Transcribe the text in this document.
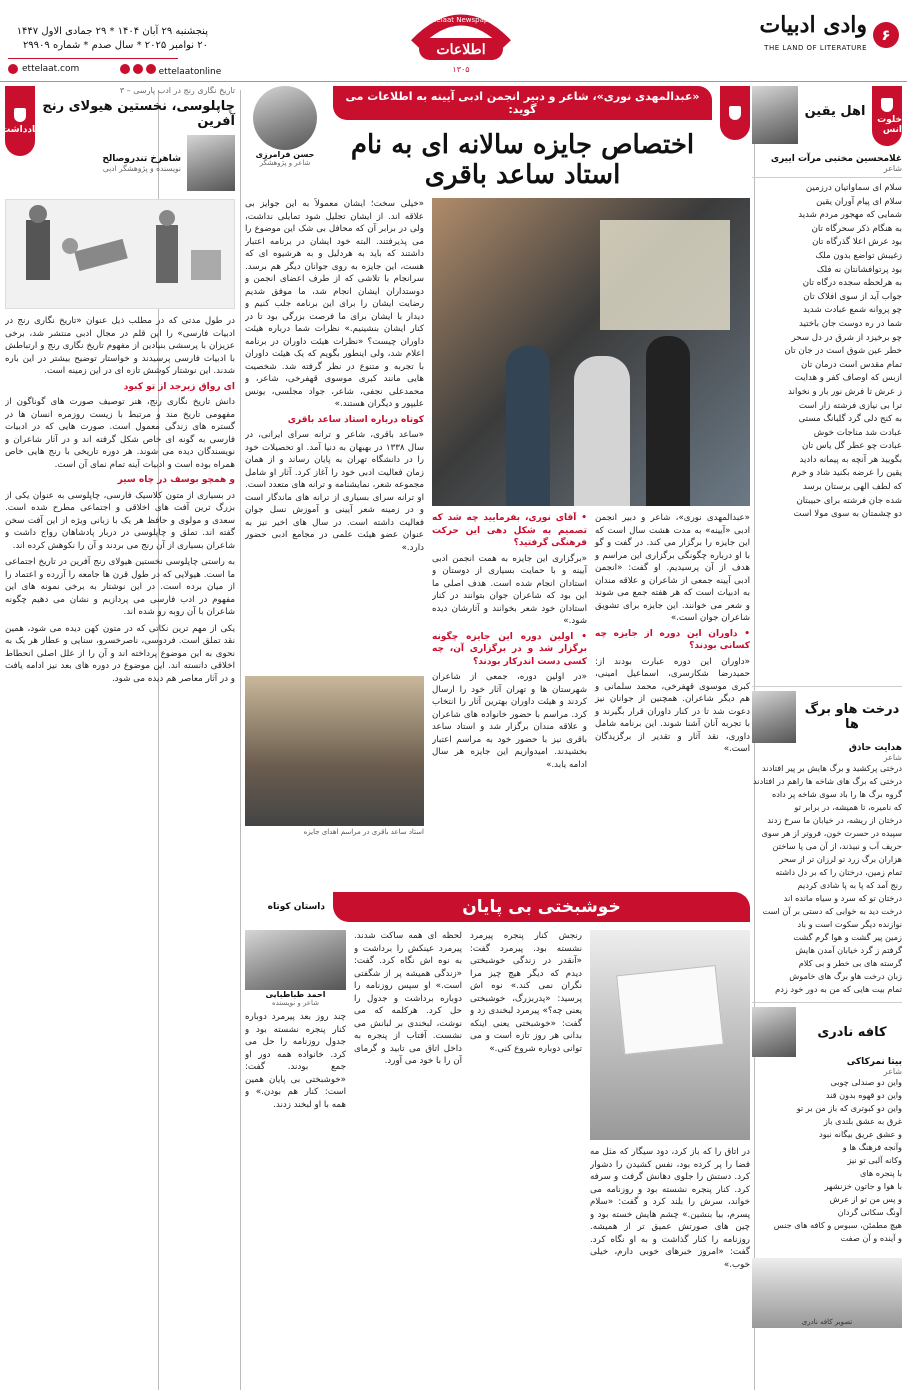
۶
وادی ادبیات
THE LAND OF LITERATURE
Ettelaat Newspaper
اطلاعات
۱۳۰۵
پنجشنبه ۲۹ آبان ۱۴۰۴ * ۲۹ جمادی الاول ۱۴۴۷
۲۰ نوامبر ۲۰۲۵ * سال صدم * شماره ۲۹۹۰۹
ettelaat.com	ettelaatonline
خلوت انس
اهل یقین
غلامحسین مختبی مرآت اییری
شاعر
سلام ای سماواتیان درزمین
سلام ای پیام آوران یقین
شمایی که مهجور مردم شدید
به هنگام ذکر سحرگاه تان
بود عرش اعلا گذرگاه تان
زغیبش تواضع بدون ملک
بود پرتوافشانتان نه فلک
به هرلحظه سجده درگاه تان
جواب آید از سوی افلاک تان
چو پروانه شمع عبادت شدید
شما در ره دوست جان باختید
چو برخیزد از شرق در دل سحر
خطر عین شوق است در جان تان
تمام مقدس است درمان تان
ازبس که اوصاف کفر و هدایت
ز عرش تا فرش نور بار و نخواند
ترا بی نیازی فرشته زار است
به کنج دلی گرد گلبانگ مستی
عبادت شد مناجات خوش
عبادت چو عطر گل یاس تان
بگویید هر آنچه به پیمانه دادید
یقین را عرضه بکنید شاد و خرم
که لطف الهی برستان برسد
شده جان فرشته برای حبیبتان
دو چشمتان به سوی مولا است
درخت هاو برگ ها
هدایت حاذق
شاعر
درختی پرکشید و برگ هایش بر پیر افتادند
درختی که برگ های شاخه ها راهم در افتادند
گروه برگ ها را باد سوی شاخه پر داده
که نامیره، تا همیشه، در برابر تو
درختان از ریشه، در خیابان ما سرخ زدند
سپیده در حسرت خون، فروتر از هر سوی
حریف آب و نبیذند، از آن می پا ساختن
هزاران برگ زرد تو لرزان تر از سحر
تمام زمین، درختان را که بر دل داشته
رنج آمد که پا به پا شادی کردیم
درختان تو که سرد و سیاه مانده اند
درخت دید به خوابی که دستی بر آن است
نوازنده دیگر سکوت است و باد
زمین پیر گشت و هوا گرم گشت
گرفتم ز گرد خیابان آمدن هایش
گرسته های بی خطر و بی کلام
زبان درخت هاو برگ های خاموش
تمام بیت هایی که من به دور خود زدم
کافه نادری
بیتا نمرکاکی
شاعر
واین دو صندلی چوبی
واین دو قهوه بدون قند
واین دو کبوتری که باز من بر تو
غرق به عشق بلندی باز
و عشق عریق بیگانه نبود
وآنجه فرهنگ ها و
وکانه آلبی تو نیز
با پنجره های
با هوا و جاتون خزنشهر
و پس من تو از عرش
آونگ سکانی گردان
هیچ مطمئن، سبوس و کافه های جنس
و آینده و آن صفت
تصویر کافه نادری
«عبدالمهدی نوری»، شاعر و دبیر انجمن ادبی آیینه به اطلاعات می گوید:
اختصاص جایزه سالانه ای به نام استاد ساعد باقری
حسن فرامرزی
شاعر و پژوهشگر
«عبدالمهدی نوری»، شاعر و دبیر انجمن ادبی «آیینه» به مدت هشت سال است که این جایزه را برگزار می کند. در گفت و گو با او درباره چگونگی برگزاری این مراسم و هدف از آن پرسیدیم. او گفت: «انجمن ادبی آیینه جمعی از شاعران و علاقه مندان به ادبیات است که هر هفته جمع می شوند و شعر می خوانند. این جایزه برای تشویق شاعران جوان است.»
• داوران این دوره از جایزه چه کسانی بودند؟
«داوران این دوره عبارت بودند از: حمیدرضا شکارسری، اسماعیل امینی، کبری موسوی قهفرخی، محمد سلمانی و هم دیگر شاعران. همچنین از جوانان نیز دعوت شد تا در کنار داوران قرار بگیرند و با تجربه آنان آشنا شوند. این برنامه شامل داوری، نقد آثار و تقدیر از برگزیدگان است.»
• آقای نوری، بفرمایید چه شد که تصمیم به شکل دهی این حرکت فرهنگی گرفتید؟
«برگزاری این جایزه به همت انجمن ادبی آیینه و با حمایت بسیاری از دوستان و استادان انجام شده است. هدف اصلی ما این بود که شاعران جوان بتوانند در کنار استادان خود شعر بخوانند و آثارشان دیده شود.»
• اولین دوره این جایزه چگونه برگزار شد و در برگزاری آن، چه کسی دست اندرکار بودند؟
«در اولین دوره، جمعی از شاعران شهرستان ها و تهران آثار خود را ارسال کردند و هیئت داوران بهترین آثار را انتخاب کرد. مراسم با حضور خانواده های شاعران و علاقه مندان برگزار شد و استاد ساعد باقری نیز با حضور خود به مراسم اعتبار بخشیدند. امیدواریم این جایزه هر سال ادامه یابد.»
«خیلی سخت؛ ایشان معمولاً به این جوایز بی علاقه اند. از ایشان تجلیل شود تمایلی نداشت، ولی در برابر آن که محافل بی شک این موضوع را می پذیرفتند. البته خود ایشان در برنامه اعتبار داشتند که باید به هردلیل و به هرشیوه ای که هست، این جایزه به روی جوانان دیگر هم برسد. سرانجام با تلاشی که از طرف اعضای انجمن و دوستداران ایشان انجام شد، ما موفق شدیم رضایت ایشان را برای این برنامه جلب کنیم و دیدار با ایشان برای ما فرصت بزرگی بود تا در کنار ایشان بنشینیم.» نظرات شما درباره هیئت داوران چیست؟ «نظرات هیئت داوران در برنامه اعلام شد، ولی اینطور بگویم که یک هیئت داوران با تجربه و متنوع در نظر گرفته شد. شخصیت هایی مانند کبری موسوی قهفرخی، شاعر، و محمدعلی نجفی، شاعر، جواد مجلسی، یونس علیپور و دیگران هستند.»
کوتاه درباره استاد ساعد باقری
«ساعد باقری، شاعر و ترانه سرای ایرانی، در سال ۱۳۳۸ در بهبهان به دنیا آمد. او تحصیلات خود را در دانشگاه تهران به پایان رساند و از همان زمان فعالیت ادبی خود را آغاز کرد. آثار او شامل مجموعه شعر، نمایشنامه و ترانه های متعدد است. او ترانه سرای بسیاری از ترانه های ماندگار است و در زمینه شعر آیینی و آموزش نسل جوان فعالیت داشته است. در سال های اخیر نیز به عنوان عضو هیئت علمی در مجامع ادبی حضور دارد.»
استاد ساعد باقری در مراسم اهدای جایزه
خوشبختی بی پایان
داستان کوتاه
در اتاق را که باز کرد، دود سیگار که مثل مه فضا را پر کرده بود، نفس کشیدن را دشوار کرد. دستش را جلوی دهانش گرفت و سرفه کرد. کنار پنجره نشسته بود و روزنامه می خواند، سرش را بلند کرد و گفت: «سلام پسرم، بیا بنشین.» چشم هایش خسته بود و چین های صورتش عمیق تر از همیشه. روزنامه را کنار گذاشت و به او نگاه کرد. گفت: «امروز خبرهای خوبی دارم، خیلی خوب.»
رنجش کنار پنجره پیرمرد نشسته بود. پیرمرد گفت: «آنقدر در زندگی خوشبختی دیدم که دیگر هیچ چیز مرا نگران نمی کند.» نوه اش پرسید: «پدربزرگ، خوشبختی یعنی چه؟» پیرمرد لبخندی زد و گفت: «خوشبختی یعنی اینکه بدانی هر روز تازه است و می توانی دوباره شروع کنی.»
لحظه ای همه ساکت شدند. پیرمرد عینکش را برداشت و به نوه اش نگاه کرد. گفت: «زندگی همیشه پر از شگفتی است.» او سپس روزنامه را دوباره برداشت و جدول را حل کرد. هرکلمه که می نوشت، لبخندی بر لبانش می نشست. آفتاب از پنجره به داخل اتاق می تابید و گرمای آن را با خود می آورد.
احمد طباطبایی
شاعر و نویسنده
چند روز بعد پیرمرد دوباره کنار پنجره نشسته بود و جدول روزنامه را حل می کرد. خانواده همه دور او جمع بودند. گفت: «خوشبختی بی پایان همین است: کنار هم بودن.» و همه با او لبخند زدند.
تاریخ نگاری رنج در ادب پارسی – ۳
چاپلوسی، نخستین هیولای رنج آفرین
شاهرخ تندروصالح
نویسنده و پژوهشگر ادبی
یادداشت
در طول مدتی که در مطلب ذیل عنوان «تاریخ نگاری رنج در ادبیات فارسی» را این قلم در مجال ادبی منتشر شد، برخی عزیزان با پرسشی بنیادین از مفهوم تاریخ نگاری رنج و ارتباطش با ادبیات فارسی پرسیدند و خواستار توضیح بیشتر در این باره شدند. این نوشتار کوشش تازه ای در این زمینه است.
ای رواق زبرجد از تو کبود
دانش تاریخ نگاری رنج، هنر توصیف صورت های گوناگون از مفهومی تاریخ مند و مرتبط با زیست روزمره انسان ها در گستره های زندگی معمول است. صورت هایی که در ادبیات فارسی به گونه ای خاص شکل گرفته اند و در آثار شاعران و نویسندگان دیده می شوند. هر دوره تاریخی با رنج هایی خاص همراه بوده است و ادبیات آینه تمام نمای آن است.
و همچو بوسف در چاه سیر
در بسیاری از متون کلاسیک فارسی، چاپلوسی به عنوان یکی از بزرگ ترین آفت های اخلاقی و اجتماعی مطرح شده است. سعدی و مولوی و حافظ هر یک با زبانی ویژه از این آفت سخن گفته اند. تملق و چاپلوسی در دربار پادشاهان رواج داشت و شاعران بسیاری از آن رنج می بردند و آن را نکوهش کرده اند.
به راستی چاپلوسی نخستین هیولای رنج آفرین در تاریخ اجتماعی ما است. هیولایی که در طول قرن ها جامعه را آزرده و اعتماد را از میان برده است. در این نوشتار به برخی نمونه های این مفهوم در ادب فارسی می پردازیم و نشان می دهیم چگونه شاعران با آن روبه رو شده اند.
یکی از مهم ترین نکاتی که در متون کهن دیده می شود، همین نقد تملق است. فردوسی، ناصرخسرو، سنایی و عطار هر یک به نحوی به این موضوع پرداخته اند و آن را از علل اصلی انحطاط اخلاقی دانسته اند. این موضوع در دوره های بعد نیز ادامه یافت و در آثار معاصر هم دیده می شود.
